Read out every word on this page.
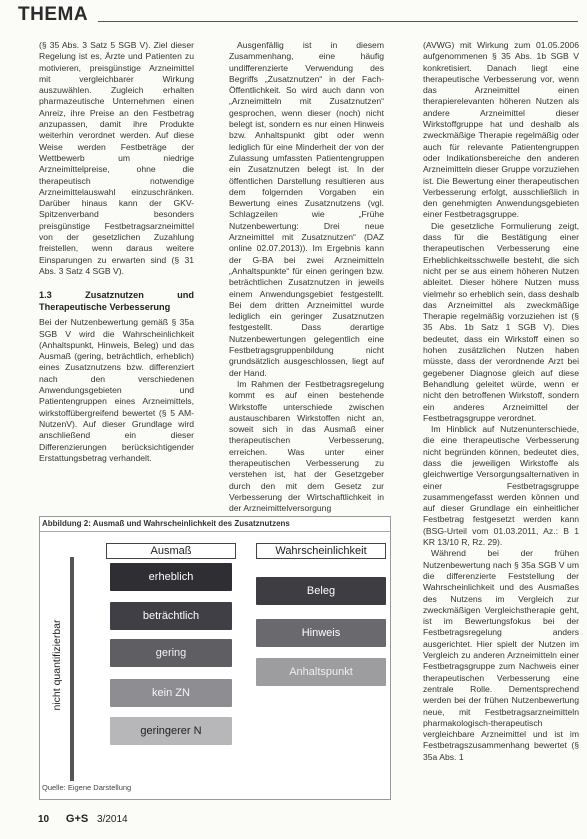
THEMA

(§ 35 Abs. 3 Satz 5 SGB V). Ziel dieser Regelung ist es, Ärzte und Patienten zu motivieren, preisgünstige Arzneimittel mit vergleichbarer Wirkung auszuwählen. Zugleich erhalten pharmazeutische Unternehmen einen Anreiz, ihre Preise an den Festbetrag anzupassen, damit ihre Produkte weiterhin verordnet werden. Auf diese Weise werden Festbeträge der Wettbewerb um niedrige Arzneimittelpreise, ohne die therapeutisch notwendige Arzneimittelauswahl einzuschränken. Darüber hinaus kann der GKV-Spitzenverband besonders preisgünstige Festbetragsarzneimittel von der gesetzlichen Zuzahlung freistellen, wenn daraus weitere Einsparungen zu erwarten sind (§ 31 Abs. 3 Satz 4 SGB V).

1.3 Zusatznutzen und Therapeutische Verbesserung

Bei der Nutzenbewertung gemäß § 35a SGB V wird die Wahrscheinlichkeit (Anhaltspunkt, Hinweis, Beleg) und das Ausmaß (gering, beträchtlich, erheblich) eines Zusatznutzens bzw. differenziert nach den verschiedenen Anwendungsgebieten und Patientengruppen eines Arzneimittels, wirkstoffübergreifend bewertet (§ 5 AM-NutzenV). Auf dieser Grundlage wird anschließend ein dieser Differenzierungen berücksichtigender Erstattungsbetrag verhandelt.

Ausgenfällig ist in diesem Zusammenhang, eine häufig undifferenzierte Verwendung des Begriffs „Zusatznutzen“ in der Fach-Öffentlichkeit. So wird auch dann von „Arzneimitteln mit Zusatznutzen“ gesprochen, wenn dieser (noch) nicht belegt ist, sondern es nur einen Hinweis bzw. Anhaltspunkt gibt oder wenn lediglich für eine Minderheit der von der Zulassung umfassten Patientengruppen ein Zusatznutzen belegt ist. In der öffentlichen Darstellung resultieren aus dem folgernden Vorgaben ein Bewertung eines Zusatznutzens (vgl. Schlagzeilen wie „Frühe Nutzenbewertung: Drei neue Arzneimittel mit Zusatznutzen“ (DAZ online 02.07.2013)). Im Ergebnis kann der G-BA bei zwei Arzneimitteln „Anhaltspunkte“ für einen geringen bzw. beträchtlichen Zusatznutzen in jeweils einem Anwendungsgebiet festgestellt. Bei dem dritten Arzneimittel wurde lediglich ein geringer Zusatznutzen festgestellt. Dass derartige Nutzenbewertungen gelegentlich eine Festbetragsgruppenbildung nicht grundsätzlich ausgeschlossen, liegt auf der Hand.

Im Rahmen der Festbetragsregelung kommt es auf einen bestehende Wirkstoffe unterschiede zwischen austauschbaren Wirkstoffen nicht an, soweit sich in das Ausmaß einer therapeutischen Verbesserung, erreichen. Was unter einer therapeutischen Verbesserung zu verstehen ist, hat der Gesetzgeber durch den mit dem Gesetz zur Verbesserung der Wirtschaftlichkeit in der Arzneimittelversorgung

(AVWG) mit Wirkung zum 01.05.2006 aufgenommenen § 35 Abs. 1b SGB V konkretisiert. Danach liegt eine therapeutische Verbesserung vor, wenn das Arzneimittel einen therapierelevanten höheren Nutzen als andere Arzneimittel dieser Wirkstoffgruppe hat und deshalb als zweckmäßige Therapie regelmäßig oder auch für relevante Patientengruppen oder Indikationsbereiche den anderen Arzneimitteln dieser Gruppe vorzuziehen ist. Die Bewertung einer therapeutischen Verbesserung erfolgt, ausschließlich in den genehmigten Anwendungsgebieten einer Festbetragsgruppe.

Die gesetzliche Formulierung zeigt, dass für die Bestätigung einer therapeutischen Verbesserung eine Erheblichkeitsschwelle besteht, die sich nicht per se aus einem höheren Nutzen ableitet. Dieser höhere Nutzen muss vielmehr so erheblich sein, dass deshalb das Arzneimittel als zweckmäßige Therapie regelmäßig vorzuziehen ist (§ 35 Abs. 1b Satz 1 SGB V). Dies bedeutet, dass ein Wirkstoff einen so hohen zusätzlichen Nutzen haben müsste, dass der verordnende Arzt bei gegebener Diagnose gleich auf diese Behandlung geleitet würde, wenn er nicht den betroffenen Wirkstoff, sondern ein anderes Arzneimittel der Festbetragsgruppe verordnet.

Im Hinblick auf Nutzenunterschiede, die eine therapeutische Verbesserung nicht begründen können, bedeutet dies, dass die jeweiligen Wirkstoffe als gleichwertige Versorgungsalternativen in einer Festbetragsgruppe zusammengefasst werden können und auf dieser Grundlage ein einheitlicher Festbetrag festgesetzt werden kann (BSG-Urteil vom 01.03.2011, Az.: B 1 KR 13/10 R, Rz. 29).

Während bei der frühen Nutzenbewertung nach § 35a SGB V um die differenzierte Feststellung der Wahrscheinlichkeit und des Ausmaßes des Nutzens im Vergleich zur zweckmäßigen Vergleichstherapie geht, ist im Bewertungsfokus bei der Festbetragsregelung anders ausgerichtet. Hier spielt der Nutzen im Vergleich zu anderen Arzneimitteln einer Festbetragsgruppe zum Nachweis einer therapeutischen Verbesserung eine zentrale Rolle. Dementsprechend werden bei der frühen Nutzenbewertung neue, mit Festbetragsarzneimitteln pharmakologisch-therapeutisch vergleichbare Arzneimittel und ist im Festbetragszusammenhang bewertet (§ 35a Abs. 1

Abbildung 2: Ausmaß und Wahrscheinlichkeit des Zusatznutzens
Ausmaß	Wahrscheinlichkeit
nicht quantifizierbar
erheblich
beträchtlich
gering
kein ZN
geringerer N
Beleg
Hinweis
Anhaltspunkt
Quelle: Eigene Darstellung
10 G+S 3/2014
